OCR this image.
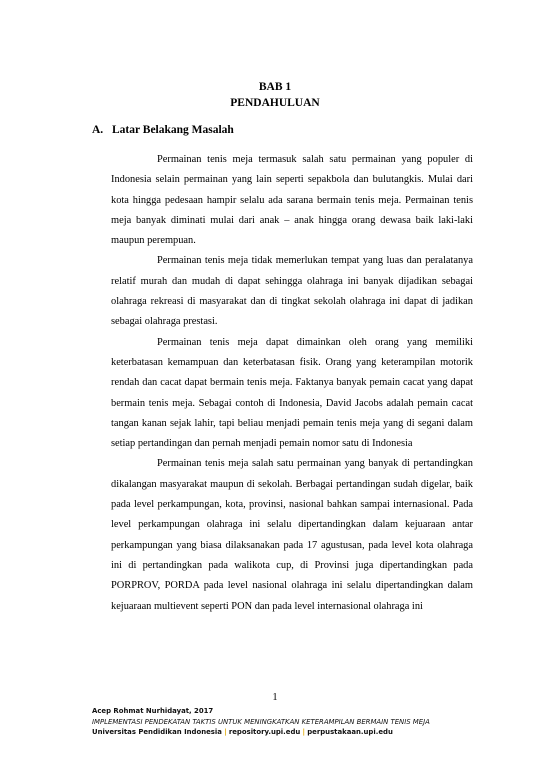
BAB 1
PENDAHULUAN
A. Latar Belakang Masalah

Permainan tenis meja termasuk salah satu permainan yang populer di Indonesia selain permainan yang lain seperti sepakbola dan bulutangkis. Mulai dari kota hingga pedesaan hampir selalu ada sarana bermain tenis meja. Permainan tenis meja banyak diminati mulai dari anak – anak hingga orang dewasa baik laki-laki maupun perempuan.

Permainan tenis meja tidak memerlukan tempat yang luas dan peralatanya relatif murah dan mudah di dapat sehingga olahraga ini banyak dijadikan sebagai olahraga rekreasi di masyarakat dan di tingkat sekolah olahraga ini dapat di jadikan sebagai olahraga prestasi.

Permainan tenis meja dapat dimainkan oleh orang yang memiliki keterbatasan kemampuan dan keterbatasan fisik. Orang yang keterampilan motorik rendah dan cacat dapat bermain tenis meja. Faktanya banyak pemain cacat yang dapat bermain tenis meja. Sebagai contoh di Indonesia, David Jacobs adalah pemain cacat tangan kanan sejak lahir, tapi beliau menjadi pemain tenis meja yang di segani dalam setiap pertandingan dan pernah menjadi pemain nomor satu di Indonesia

Permainan tenis meja salah satu permainan yang banyak di pertandingkan dikalangan masyarakat maupun di sekolah. Berbagai pertandingan sudah digelar, baik pada level perkampungan, kota, provinsi, nasional bahkan sampai internasional. Pada level perkampungan olahraga ini selalu dipertandingkan dalam kejuaraan antar perkampungan yang biasa dilaksanakan pada 17 agustusan, pada level kota olahraga ini di pertandingkan pada walikota cup, di Provinsi juga dipertandingkan pada PORPROV, PORDA pada level nasional olahraga ini selalu dipertandingkan dalam kejuaraan multievent seperti PON dan pada level internasional olahraga ini

1
Acep Rohmat Nurhidayat, 2017
IMPLEMENTASI PENDEKATAN TAKTIS UNTUK MENINGKATKAN KETERAMPILAN BERMAIN TENIS MEJA
Universitas Pendidikan Indonesia | repository.upi.edu | perpustakaan.upi.edu
